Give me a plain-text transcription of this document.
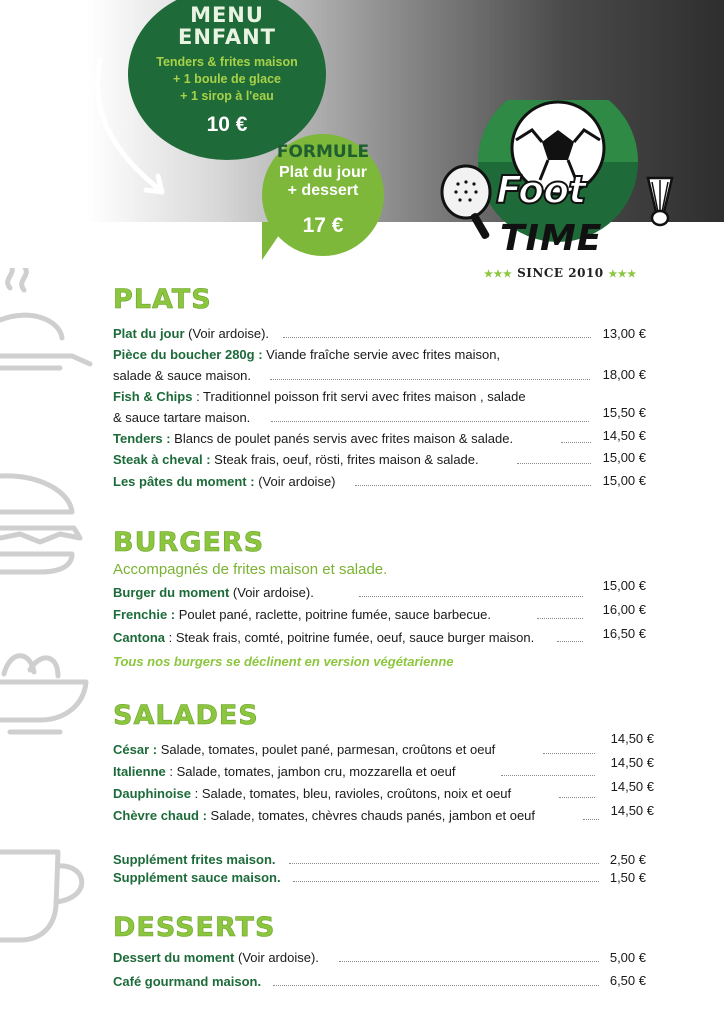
MENU
ENFANT
Tenders & frites maison
+ 1 boule de glace
+ 1 sirop à l'eau
10 €
FORMULE
Plat du jour
+ dessert
17 €
Foot
TIME
★★★ SINCE 2010 ★★★
PLATS
Plat du jour (Voir ardoise).	13,00 €
Pièce du boucher 280g : Viande fraîche servie avec frites maison,
salade & sauce maison.	18,00 €
Fish & Chips : Traditionnel poisson frit servi avec frites maison , salade
& sauce tartare maison.	15,50 €
Tenders : Blancs de poulet panés servis avec frites maison & salade.	14,50 €
Steak à cheval : Steak frais, oeuf, rösti, frites maison & salade.	15,00 €
Les pâtes du moment : (Voir ardoise)	15,00 €
BURGERS
Accompagnés de frites maison et salade.
Burger du moment (Voir ardoise).	15,00 €
Frenchie : Poulet pané, raclette, poitrine fumée, sauce barbecue.	16,00 €
Cantona : Steak frais, comté, poitrine fumée, oeuf, sauce burger maison.	16,50 €
Tous nos burgers se déclinent en version végétarienne
SALADES
César : Salade, tomates, poulet pané, parmesan, croûtons et oeuf
14,50 €
Italienne : Salade, tomates, jambon cru, mozzarella et oeuf
14,50 €
Dauphinoise : Salade, tomates, bleu, ravioles, croûtons, noix et oeuf	14,50 €
Chèvre chaud : Salade, tomates, chèvres chauds panés, jambon et oeuf	14,50 €
Supplément frites maison.	2,50 €
Supplément sauce maison.	1,50 €
DESSERTS
Dessert du moment (Voir ardoise).	5,00 €
Café gourmand maison.	6,50 €
